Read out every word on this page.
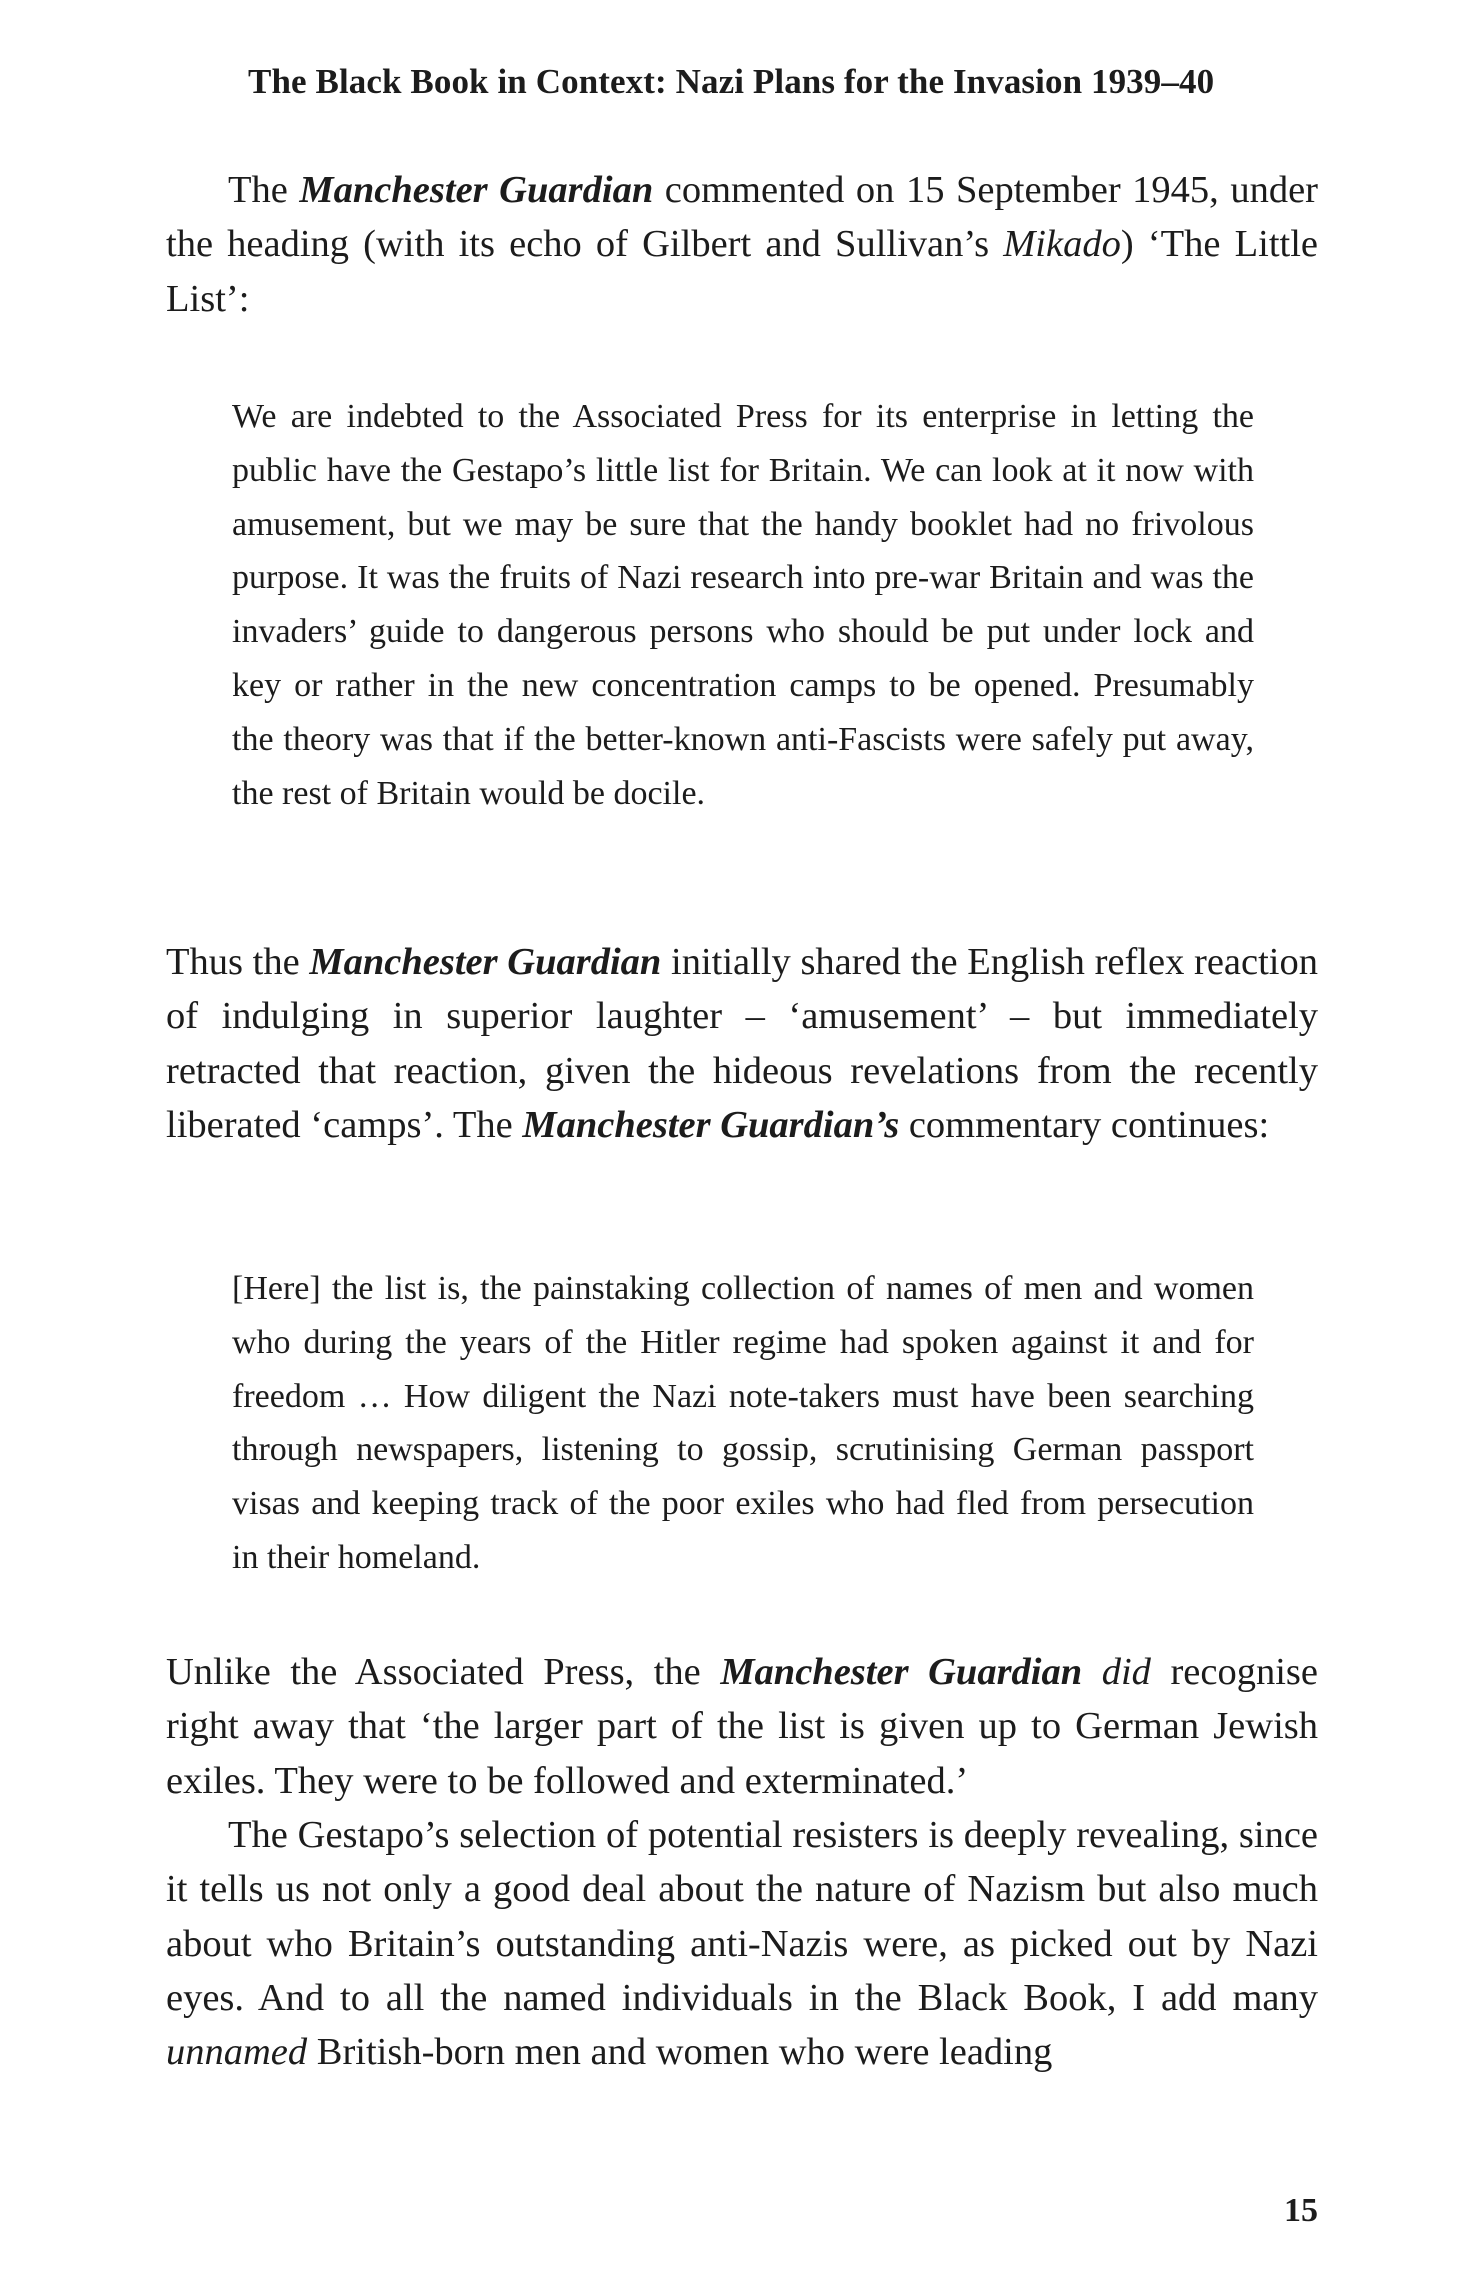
The Black Book in Context: Nazi Plans for the Invasion 1939–40

The Manchester Guardian commented on 15 September 1945, under the heading (with its echo of Gilbert and Sullivan’s Mikado) ‘The Little List’:

We are indebted to the Associated Press for its enterprise in letting the public have the Gestapo’s little list for Britain. We can look at it now with amusement, but we may be sure that the handy booklet had no frivolous purpose. It was the fruits of Nazi research into pre-war Britain and was the invaders’ guide to dangerous persons who should be put under lock and key or rather in the new concentration camps to be opened. Presumably the theory was that if the better-known anti-Fascists were safely put away, the rest of Britain would be docile.

Thus the Manchester Guardian initially shared the English reflex reaction of indulging in superior laughter – ‘amusement’ – but immediately retracted that reaction, given the hideous revelations from the recently liberated ‘camps’. The Manchester Guardian’s commentary continues:

[Here] the list is, the painstaking collection of names of men and women who during the years of the Hitler regime had spoken against it and for freedom … How diligent the Nazi note-takers must have been searching through newspapers, listening to gossip, scrutinising German passport visas and keeping track of the poor exiles who had fled from persecution in their homeland.

Unlike the Associated Press, the Manchester Guardian did recognise right away that ‘the larger part of the list is given up to German Jewish exiles. They were to be followed and exterminated.’

The Gestapo’s selection of potential resisters is deeply revealing, since it tells us not only a good deal about the nature of Nazism but also much about who Britain’s outstanding anti-Nazis were, as picked out by Nazi eyes. And to all the named individuals in the Black Book, I add many unnamed British-born men and women who were leading

15
